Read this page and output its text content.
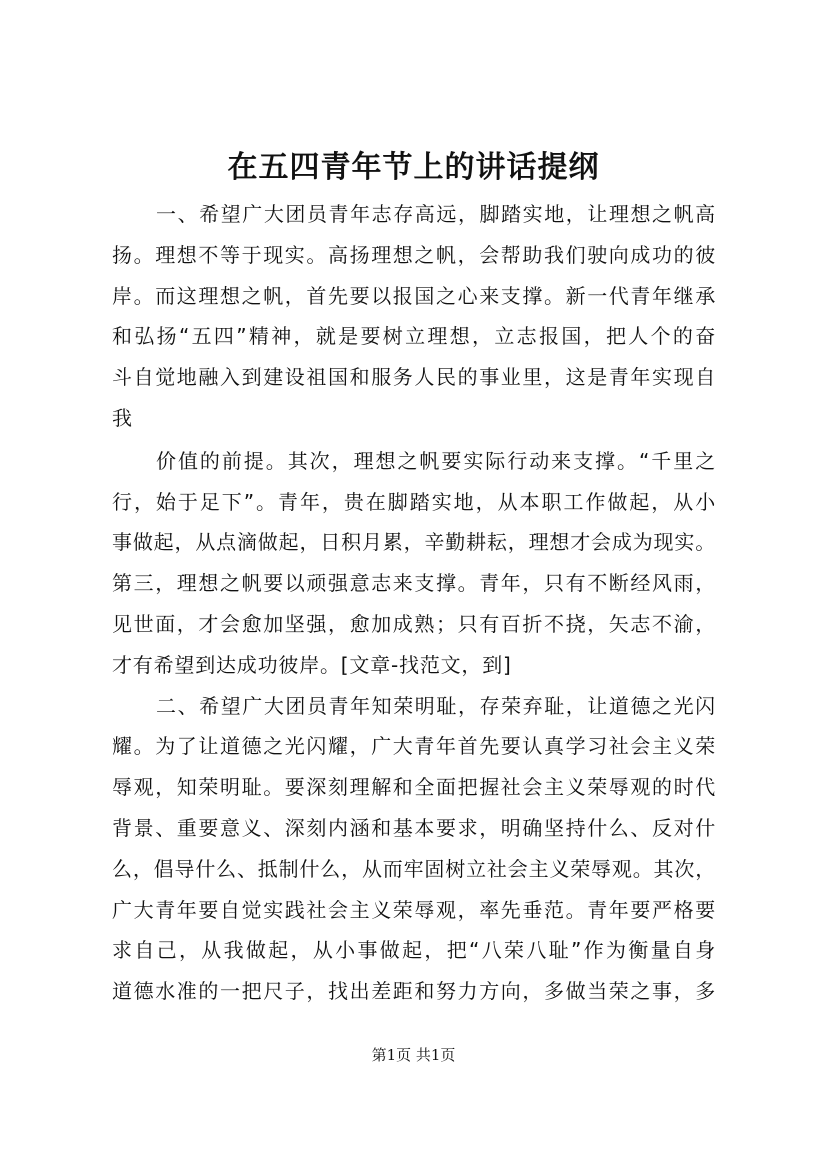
在五四青年节上的讲话提纲
一、希望广大团员青年志存高远，脚踏实地，让理想之帆高
扬。理想不等于现实。高扬理想之帆，会帮助我们驶向成功的彼
岸。而这理想之帆，首先要以报国之心来支撑。新一代青年继承
和弘扬“五四”精神，就是要树立理想，立志报国，把人个的奋
斗自觉地融入到建设祖国和服务人民的事业里，这是青年实现自
我
价值的前提。其次，理想之帆要实际行动来支撑。“千里之
行，始于足下”。青年，贵在脚踏实地，从本职工作做起，从小
事做起，从点滴做起，日积月累，辛勤耕耘，理想才会成为现实。
第三，理想之帆要以顽强意志来支撑。青年，只有不断经风雨，
见世面，才会愈加坚强，愈加成熟；只有百折不挠，矢志不渝，
才有希望到达成功彼岸。[文章-找范文，到]
二、希望广大团员青年知荣明耻，存荣弃耻，让道德之光闪
耀。为了让道德之光闪耀，广大青年首先要认真学习社会主义荣
辱观，知荣明耻。要深刻理解和全面把握社会主义荣辱观的时代
背景、重要意义、深刻内涵和基本要求，明确坚持什么、反对什
么，倡导什么、抵制什么，从而牢固树立社会主义荣辱观。其次，
广大青年要自觉实践社会主义荣辱观，率先垂范。青年要严格要
求自己，从我做起，从小事做起，把“八荣八耻”作为衡量自身
道德水准的一把尺子，找出差距和努力方向，多做当荣之事，多
第1页 共1页
